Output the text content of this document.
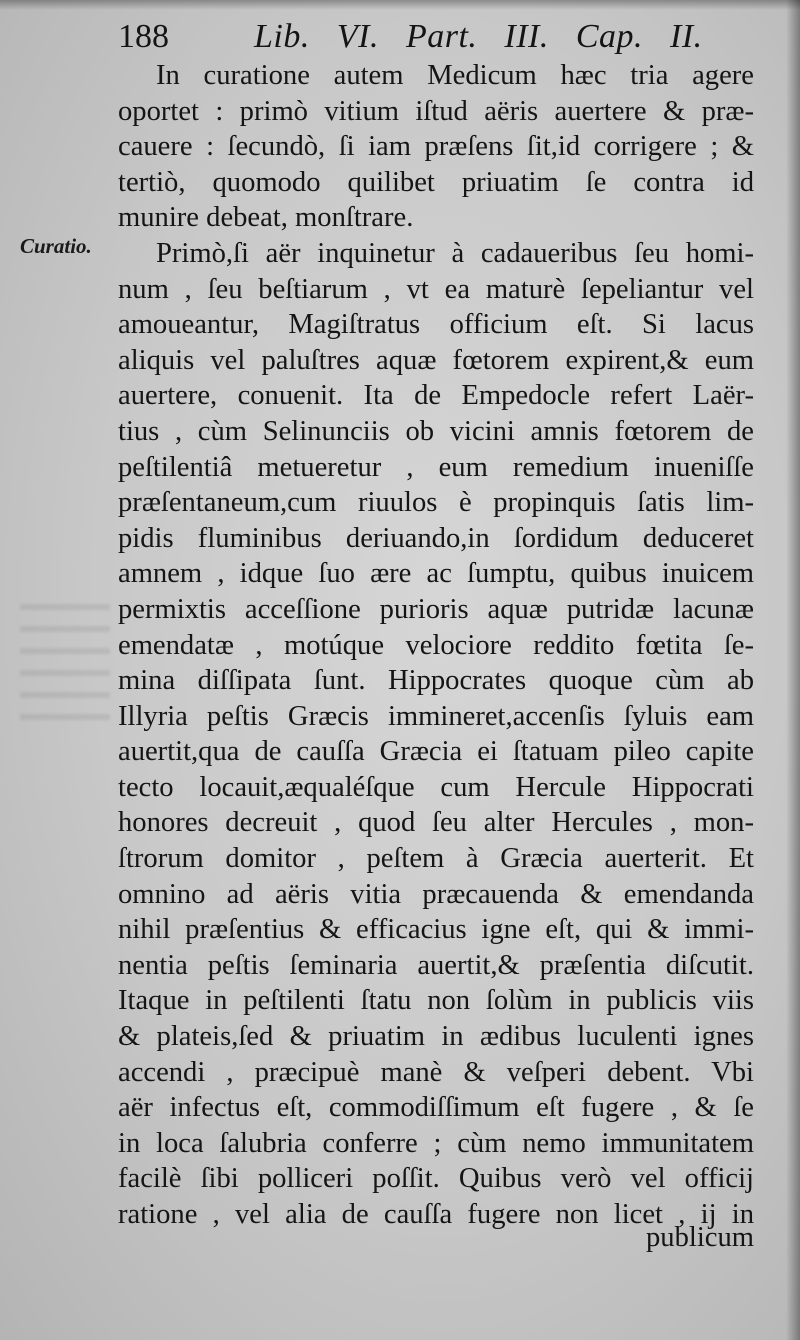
188	Lib. VI. Part. III. Cap. II.
Curatio.
In curatione autem Medicum hæc tria agere
oportet : primò vitium iſtud aëris auertere & præ-
cauere : ſecundò, ſi iam præſens ſit,id corrigere ; &
tertiò, quomodo quilibet priuatim ſe contra id
munire debeat, monſtrare.
Primò,ſi aër inquinetur à cadaueribus ſeu homi-
num , ſeu beſtiarum , vt ea maturè ſepeliantur vel
amoueantur, Magiſtratus officium eſt. Si lacus
aliquis vel paluſtres aquæ fœtorem expirent,& eum
auertere, conuenit. Ita de Empedocle refert Laër-
tius , cùm Selinunciis ob vicini amnis fœtorem de
peſtilentiâ metueretur , eum remedium inueniſſe
præſentaneum,cum riuulos è propinquis ſatis lim-
pidis fluminibus deriuando,in ſordidum deduceret
amnem , idque ſuo ære ac ſumptu, quibus inuicem
permixtis acceſſione purioris aquæ putridæ lacunæ
emendatæ , motúque velociore reddito fœtita ſe-
mina diſſipata ſunt. Hippocrates quoque cùm ab
Illyria peſtis Græcis immineret,accenſis ſyluis eam
auertit,qua de cauſſa Græcia ei ſtatuam pileo capite
tecto locauit,æqualéſque cum Hercule Hippocrati
honores decreuit , quod ſeu alter Hercules , mon-
ſtrorum domitor , peſtem à Græcia auerterit. Et
omnino ad aëris vitia præcauenda & emendanda
nihil præſentius & efficacius igne eſt, qui & immi-
nentia peſtis ſeminaria auertit,& præſentia diſcutit.
Itaque in peſtilenti ſtatu non ſolùm in publicis viis
& plateis,ſed & priuatim in ædibus luculenti ignes
accendi , præcipuè manè & veſperi debent. Vbi
aër infectus eſt, commodiſſimum eſt fugere , & ſe
in loca ſalubria conferre ; cùm nemo immunitatem
facilè ſibi polliceri poſſit. Quibus verò vel officij
ratione , vel alia de cauſſa fugere non licet , ij in
publicum
